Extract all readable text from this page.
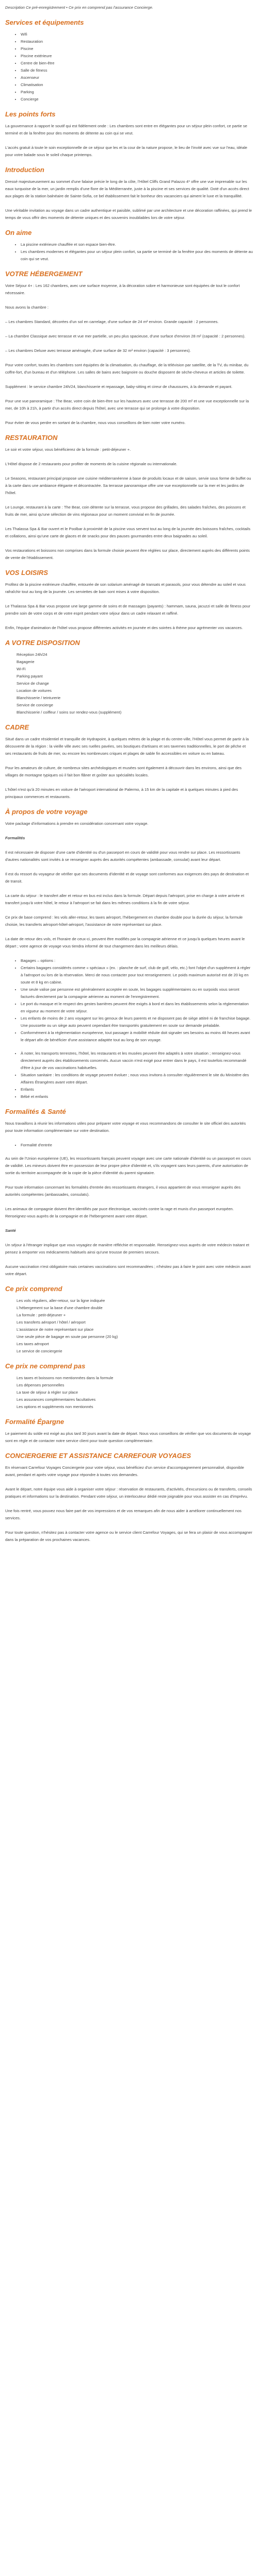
Description Ce pré-enregistrement • Ce prix en comprend pas l'assurance Concierge.

Services et équipements
• Wifi
• Restauration
• Piscine
• Piscine extérieure
• Centre de bien-être
• Salle de fitness
• Ascenseur
• Climatisation
• Parking
• Concierge
Les points forts

La gouvernance à rapport le soutif qui est fidèlement onde : Les chambres sont entre en élégantes pour un séjour plein confort, ce partie se terminé et de la fenêtre pour des moments de détente au coin qui se veut.

L'accès gratuit à toute le soin exceptionnelle de ce séjour que les et la cour de la nature propose, le lieu de l'invité avec vue sur l'eau, idéale pour votre balade sous le soleil chaque printemps.

Introduction

Dressé majestueusement au sommet d'une falaise précie le long de la côte, l'Hôtel Cliffs Grand Palazzo 4* offre une vue imprenable sur les eaux turquoise de la mer, un jardin remplis d'une flore de la Méditerranée, juste à la piscine et ses services de qualité. Doté d'un accès direct aux plages de la station balnéaire de Sainte-Sofia, ce bel établissement fait le bonheur des vacanciers qui aiment le luxe et la tranquillité.

Une véritable invitation au voyage dans un cadre authentique et paisible, sublimé par une architecture et une décoration raffinées, qui prend le temps de vous offrir des moments de détente uniques et des souvenirs inoubliables lors de votre séjour.

On aime
• La piscine extérieure chauffée et son espace bien-être.
• Les chambres modernes et élégantes pour un séjour plein confort, sa partie se terminé de la fenêtre pour des moments de détente au coin qui se veut.
VOTRE HÉBERGEMENT

Votre Séjour 4+ : Les 162 chambres, avec une surface moyenne, à la décoration sobre et harmonieuse sont équipées de tout le confort nécessaire.

Nous avons la chambre :

– Les chambres Standard, décorées d'un sol en carrelage, d'une surface de 24 m² environ. Grande capacité : 2 personnes.

– La chambre Classique avec terrasse et vue mer partielle, un peu plus spacieuse, d'une surface d'environ 28 m² (capacité : 2 personnes).

– Les chambres Deluxe avec terrasse aménagée, d'une surface de 32 m² environ (capacité : 3 personnes).

Pour votre confort, toutes les chambres sont équipées de la climatisation, du chauffage, de la télévision par satellite, de la TV, du minibar, du coffre-fort, d'un bureau et d'un téléphone. Les salles de bains avec baignoire ou douche disposent de sèche-cheveux et articles de toilette.

Supplément : le service chambre 24h/24, blanchisserie et repassage, baby-sitting et cireur de chaussures, à la demande et payant.

Pour une vue panoramique : The Bear, votre coin de bien-être sur les hauteurs avec une terrasse de 200 m² et une vue exceptionnelle sur la mer, de 10h à 21h, à partir d'un accès direct depuis l'hôtel, avec une terrasse qui se prolonge à votre disposition.

Pour éviter de vous perdre en sortant de la chambre, nous vous conseillons de bien noter votre numéro.

RESTAURATION

Le soir et votre séjour, vous bénéficierez de la formule : petit-déjeuner +.

L'Hôtel dispose de 2 restaurants pour profiter de moments de la cuisine régionale ou internationale.

Le Seasons, restaurant principal propose une cuisine méditerranéenne à base de produits locaux et de saison, servie sous forme de buffet ou à la carte dans une ambiance élégante et décontractée. Sa terrasse panoramique offre une vue exceptionnelle sur la mer et les jardins de l'hôtel.

Le Lounge, restaurant à la carte : The Bear, coin détente sur la terrasse, vous propose des grillades, des salades fraîches, des poissons et fruits de mer, ainsi qu'une sélection de vins régionaux pour un moment convivial en fin de journée.

Les Thalassa Spa & Bar ouvert et le Poolbar à proximité de la piscine vous servent tout au long de la journée des boissons fraîches, cocktails et collations, ainsi qu'une carte de glaces et de snacks pour des pauses gourmandes entre deux baignades au soleil.

Vos restaurations et boissons non comprises dans la formule choisie peuvent être réglées sur place, directement auprès des différents points de vente de l'établissement.

VOS LOISIRS

Profitez de la piscine extérieure chauffée, entourée de son solarium aménagé de transats et parasols, pour vous détendre au soleil et vous rafraîchir tout au long de la journée. Les serviettes de bain sont mises à votre disposition.

Le Thalassa Spa & Bar vous propose une large gamme de soins et de massages (payants) : hammam, sauna, jacuzzi et salle de fitness pour prendre soin de votre corps et de votre esprit pendant votre séjour dans un cadre relaxant et raffiné.

Enfin, l'équipe d'animation de l'hôtel vous propose différentes activités en journée et des soirées à thème pour agrémenter vos vacances.

A VOTRE DISPOSITION
Réception 24h/24
Bagagerie
Wi-Fi
Parking payant
Service de change
Location de voitures
Blanchisserie / teinturerie
Service de concierge
Blanchisserie / coiffeur / soins sur rendez-vous (supplément)
CADRE

Situé dans un cadre résidentiel et tranquille de Hydrapoint, à quelques mètres de la plage et du centre-ville, l'Hôtel vous permet de partir à la découverte de la région : la vieille ville avec ses ruelles pavées, ses boutiques d'artisans et ses tavernes traditionnelles, le port de pêche et ses restaurants de fruits de mer, ou encore les nombreuses criques et plages de sable fin accessibles en voiture ou en bateau.

Pour les amateurs de culture, de nombreux sites archéologiques et musées sont également à découvrir dans les environs, ainsi que des villages de montagne typiques où il fait bon flâner et goûter aux spécialités locales.

L'hôtel n'est qu'à 20 minutes en voiture de l'aéroport international de Palermo, à 15 km de la capitale et à quelques minutes à pied des principaux commerces et restaurants.

À propos de votre voyage

Votre package d'informations à prendre en considération concernant votre voyage.

Formalités

Il est nécessaire de disposer d'une carte d'identité ou d'un passeport en cours de validité pour vous rendre sur place. Les ressortissants d'autres nationalités sont invités à se renseigner auprès des autorités compétentes (ambassade, consulat) avant leur départ.

Il est du ressort du voyageur de vérifier que ses documents d'identité et de voyage sont conformes aux exigences des pays de destination et de transit.

La carte du séjour : le transfert aller et retour en bus est inclus dans la formule. Départ depuis l'aéroport, prise en charge à votre arrivée et transfert jusqu'à votre hôtel, le retour à l'aéroport se fait dans les mêmes conditions à la fin de votre séjour.

Ce prix de base comprend : les vols aller-retour, les taxes aéroport, l'hébergement en chambre double pour la durée du séjour, la formule choisie, les transferts aéroport-hôtel-aéroport, l'assistance de notre représentant sur place.

La date de retour des vols, et l'horaire de ceux-ci, peuvent être modifiés par la compagnie aérienne et ce jusqu'à quelques heures avant le départ ; votre agence de voyage vous tiendra informé de tout changement dans les meilleurs délais.

• Bagages – options :
• Certains bagages considérés comme « spéciaux » (ex. : planche de surf, club de golf, vélo, etc.) font l'objet d'un supplément à régler à l'aéroport ou lors de la réservation. Merci de nous contacter pour tout renseignement. Le poids maximum autorisé est de 20 kg en soute et 8 kg en cabine.
• Une seule valise par personne est généralement acceptée en soute, les bagages supplémentaires ou en surpoids vous seront facturés directement par la compagnie aérienne au moment de l'enregistrement.
• Le port du masque et le respect des gestes barrières peuvent être exigés à bord et dans les établissements selon la réglementation en vigueur au moment de votre séjour.
• Les enfants de moins de 2 ans voyagent sur les genoux de leurs parents et ne disposent pas de siège attitré ni de franchise bagage. Une poussette ou un siège auto peuvent cependant être transportés gratuitement en soute sur demande préalable.
• Conformément à la réglementation européenne, tout passager à mobilité réduite doit signaler ses besoins au moins 48 heures avant le départ afin de bénéficier d'une assistance adaptée tout au long de son voyage.
• À noter, les transports terrestres, l'hôtel, les restaurants et les musées peuvent être adaptés à votre situation ; renseignez-vous directement auprès des établissements concernés. Aucun vaccin n'est exigé pour entrer dans le pays, il est toutefois recommandé d'être à jour de vos vaccinations habituelles.
• Situation sanitaire : les conditions de voyage peuvent évoluer ; nous vous invitons à consulter régulièrement le site du Ministère des Affaires Étrangères avant votre départ.
• Enfants
• Bébé et enfants
Formalités & Santé

Nous travaillons à réunir les informations utiles pour préparer votre voyage et vous recommandons de consulter le site officiel des autorités pour toute information complémentaire sur votre destination.

• Formalité d'entrée

Au sein de l'Union européenne (UE), les ressortissants français peuvent voyager avec une carte nationale d'identité ou un passeport en cours de validité. Les mineurs doivent être en possession de leur propre pièce d'identité et, s'ils voyagent sans leurs parents, d'une autorisation de sortie du territoire accompagnée de la copie de la pièce d'identité du parent signataire.

Pour toute information concernant les formalités d'entrée des ressortissants étrangers, il vous appartient de vous renseigner auprès des autorités compétentes (ambassades, consulats).

Les animaux de compagnie doivent être identifiés par puce électronique, vaccinés contre la rage et munis d'un passeport européen. Renseignez-vous auprès de la compagnie et de l'hébergement avant votre départ.

Santé

Un séjour à l'étranger implique que vous voyagiez de manière réfléchie et responsable. Renseignez-vous auprès de votre médecin traitant et pensez à emporter vos médicaments habituels ainsi qu'une trousse de premiers secours.

Aucune vaccination n'est obligatoire mais certaines vaccinations sont recommandées ; n'hésitez pas à faire le point avec votre médecin avant votre départ.

Ce prix comprend
Les vols réguliers, aller-retour, sur la ligne indiquée
L'hébergement sur la base d'une chambre double
La formule : petit-déjeuner +
Les transferts aéroport / hôtel / aéroport
L'assistance de notre représentant sur place
Une seule pièce de bagage en soute par personne (20 kg)
Les taxes aéroport
Le service de conciergerie
Ce prix ne comprend pas
Les taxes et boissons non mentionnées dans la formule
Les dépenses personnelles
La taxe de séjour à régler sur place
Les assurances complémentaires facultatives
Les options et suppléments non mentionnés
Formalité Épargne

Le paiement du solde est exigé au plus tard 30 jours avant la date de départ. Nous vous conseillons de vérifier que vos documents de voyage sont en règle et de contacter notre service client pour toute question complémentaire.

CONCIERGERIE ET ASSISTANCE CARREFOUR VOYAGES

En réservant Carrefour Voyages Conciergerie pour votre séjour, vous bénéficiez d'un service d'accompagnement personnalisé, disponible avant, pendant et après votre voyage pour répondre à toutes vos demandes.

Avant le départ, notre équipe vous aide à organiser votre séjour : réservation de restaurants, d'activités, d'excursions ou de transferts, conseils pratiques et informations sur la destination. Pendant votre séjour, un interlocuteur dédié reste joignable pour vous assister en cas d'imprévu.

Une fois rentré, vous pouvez nous faire part de vos impressions et de vos remarques afin de nous aider à améliorer continuellement nos services.

Pour toute question, n'hésitez pas à contacter votre agence ou le service client Carrefour Voyages, qui se fera un plaisir de vous accompagner dans la préparation de vos prochaines vacances.
